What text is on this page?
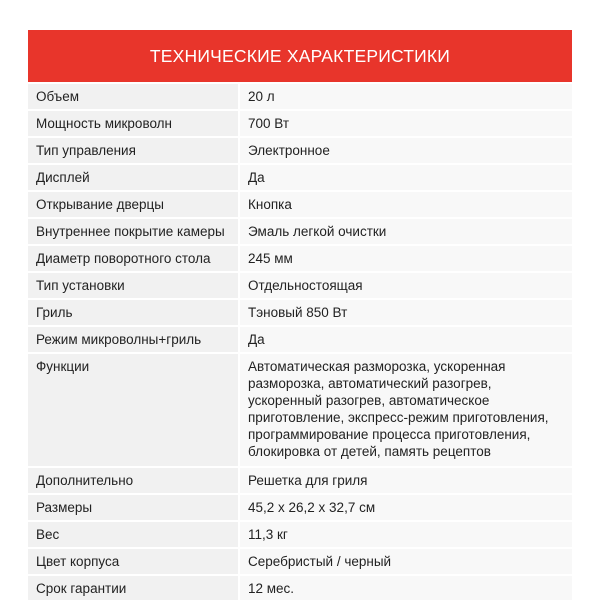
ТЕХНИЧЕСКИЕ ХАРАКТЕРИСТИКИ
Объем	20 л
Мощность микроволн	700 Вт
Тип управления	Электронное
Дисплей	Да
Открывание дверцы	Кнопка
Внутреннее покрытие камеры	Эмаль легкой очистки
Диаметр поворотного стола	245 мм
Тип установки	Отдельностоящая
Гриль	Тэновый 850 Вт
Режим микроволны+гриль	Да
Функции	Автоматическая разморозка, ускоренная
разморозка, автоматический разогрев,
ускоренный разогрев, автоматическое
приготовление, экспресс-режим приготовления,
программирование процесса приготовления,
блокировка от детей, память рецептов
Дополнительно	Решетка для гриля
Размеры	45,2 x 26,2 x 32,7 см
Вес	11,3 кг
Цвет корпуса	Серебристый / черный
Срок гарантии	12 мес.
